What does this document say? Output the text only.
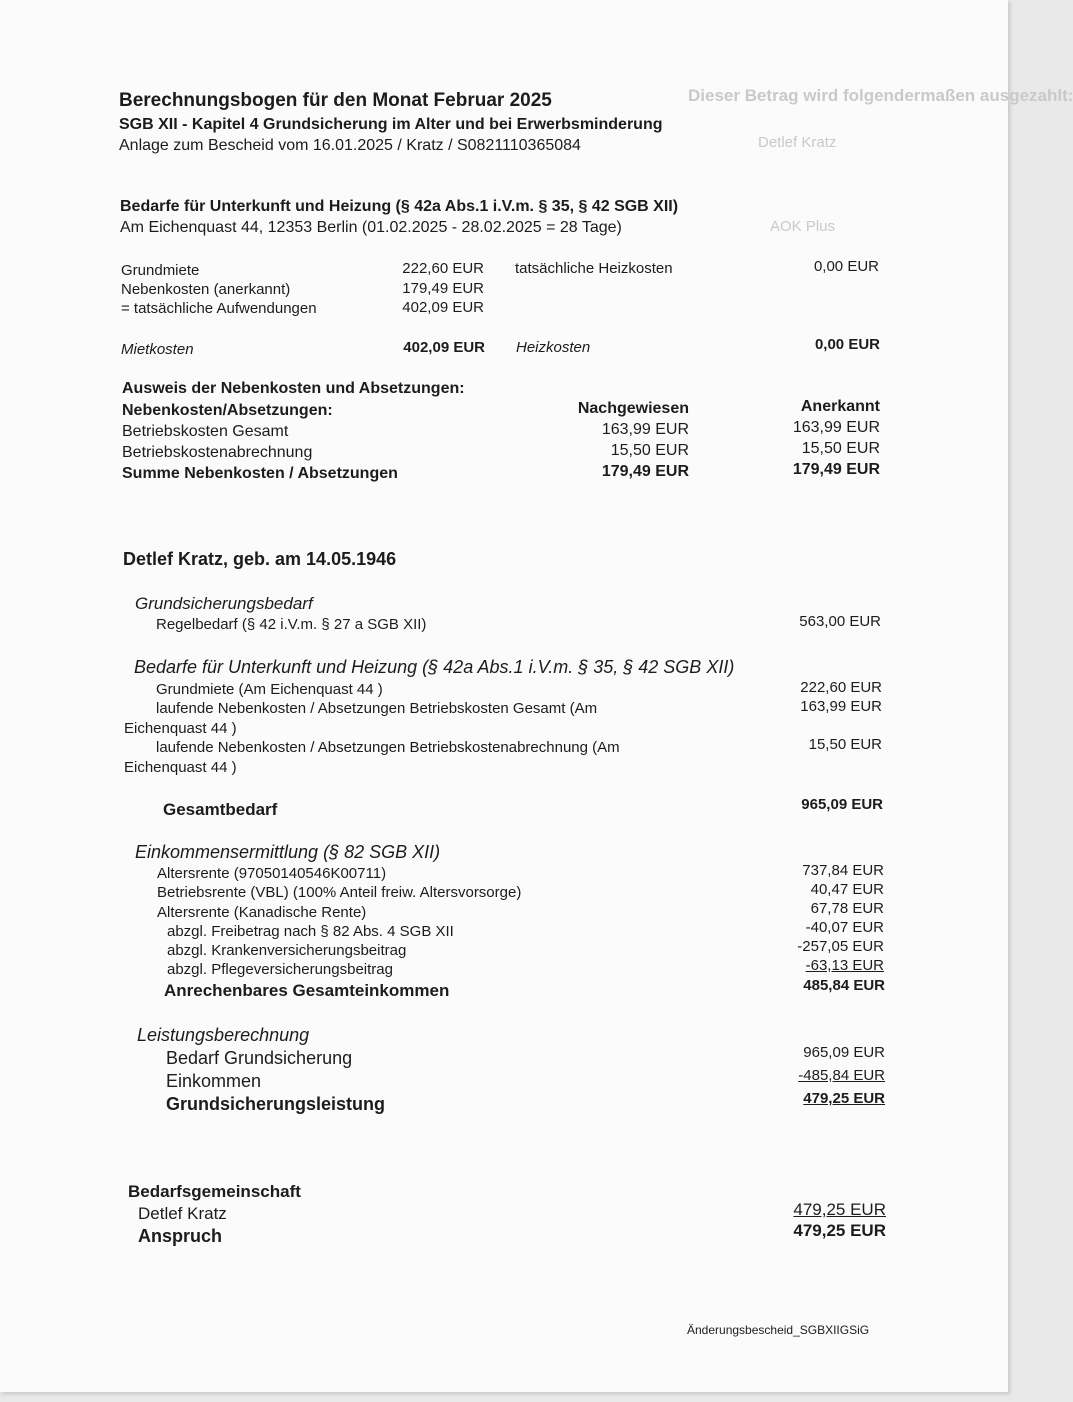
Dieser Betrag wird folgendermaßen ausgezahlt:
Detlef Kratz
AOK Plus
Berechnungsbogen für den Monat Februar 2025
SGB XII - Kapitel 4 Grundsicherung im Alter und bei Erwerbsminderung
Anlage zum Bescheid vom 16.01.2025 / Kratz / S0821110365084
Bedarfe für Unterkunft und Heizung (§ 42a Abs.1 i.V.m. § 35, § 42 SGB XII)
Am Eichenquast 44, 12353 Berlin (01.02.2025 - 28.02.2025 = 28 Tage)
Grundmiete	222,60 EUR
Nebenkosten (anerkannt)	179,49 EUR
= tatsächliche Aufwendungen	402,09 EUR
tatsächliche Heizkosten	0,00 EUR
Mietkosten	402,09 EUR Heizkosten	0,00 EUR
Ausweis der Nebenkosten und Absetzungen:
Nebenkosten/Absetzungen:	Nachgewiesen	Anerkannt
Betriebskosten Gesamt	163,99 EUR	163,99 EUR
Betriebskostenabrechnung	15,50 EUR	15,50 EUR
Summe Nebenkosten / Absetzungen	179,49 EUR	179,49 EUR
Detlef Kratz, geb. am 14.05.1946
Grundsicherungsbedarf
Regelbedarf (§ 42 i.V.m. § 27 a SGB XII)	563,00 EUR
Bedarfe für Unterkunft und Heizung (§ 42a Abs.1 i.V.m. § 35, § 42 SGB XII)
Grundmiete (Am Eichenquast 44 )	222,60 EUR
laufende Nebenkosten / Absetzungen Betriebskosten Gesamt (Am
Eichenquast 44 )
163,99 EUR
laufende Nebenkosten / Absetzungen Betriebskostenabrechnung (Am
Eichenquast 44 )
15,50 EUR
Gesamtbedarf	965,09 EUR
Einkommensermittlung (§ 82 SGB XII)
Altersrente (97050140546K00711)	737,84 EUR
Betriebsrente (VBL) (100% Anteil freiw. Altersvorsorge)	40,47 EUR
Altersrente (Kanadische Rente)	67,78 EUR
abzgl. Freibetrag nach § 82 Abs. 4 SGB XII	-40,07 EUR
abzgl. Krankenversicherungsbeitrag	-257,05 EUR
abzgl. Pflegeversicherungsbeitrag	-63,13 EUR
Anrechenbares Gesamteinkommen	485,84 EUR
Leistungsberechnung
Bedarf Grundsicherung	965,09 EUR
Einkommen	-485,84 EUR
Grundsicherungsleistung	479,25 EUR
Bedarfsgemeinschaft
Detlef Kratz	479,25 EUR
Anspruch	479,25 EUR
Änderungsbescheid_SGBXIIGSiG
